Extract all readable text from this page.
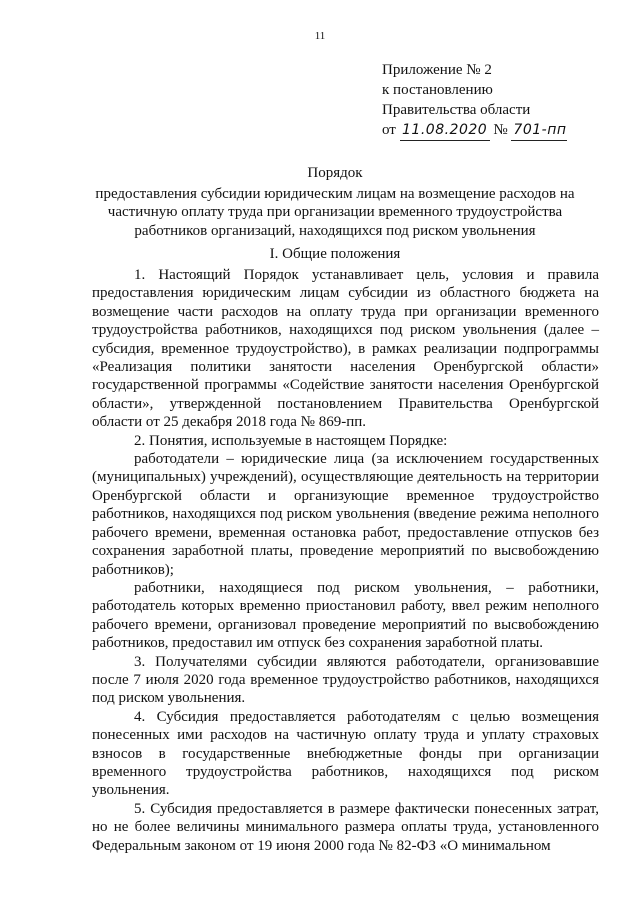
11
Приложение № 2
к постановлению
Правительства области
от 11.08.2020 № 701-пп
Порядок
предоставления субсидии юридическим лицам на возмещение расходов на
частичную оплату труда при организации временного трудоустройства
работников организаций, находящихся под риском увольнения
I. Общие положения

1. Настоящий Порядок устанавливает цель, условия и правила предоставления юридическим лицам субсидии из областного бюджета на возмещение части расходов на оплату труда при организации временного трудоустройства работников, находящихся под риском увольнения (далее – субсидия, временное трудоустройство), в рамках реализации подпрограммы «Реализация политики занятости населения Оренбургской области» государственной программы «Содействие занятости населения Оренбургской области», утвержденной постановлением Правительства Оренбургской области от 25 декабря 2018 года № 869-пп.

2. Понятия, используемые в настоящем Порядке:

работодатели – юридические лица (за исключением государственных (муниципальных) учреждений), осуществляющие деятельность на территории Оренбургской области и организующие временное трудоустройство работников, находящихся под риском увольнения (введение режима неполного рабочего времени, временная остановка работ, предоставление отпусков без сохранения заработной платы, проведение мероприятий по высвобождению работников);

работники, находящиеся под риском увольнения, – работники, работодатель которых временно приостановил работу, ввел режим неполного рабочего времени, организовал проведение мероприятий по высвобождению работников, предоставил им отпуск без сохранения заработной платы.

3. Получателями субсидии являются работодатели, организовавшие после 7 июля 2020 года временное трудоустройство работников, находящихся под риском увольнения.

4. Субсидия предоставляется работодателям с целью возмещения понесенных ими расходов на частичную оплату труда и уплату страховых взносов в государственные внебюджетные фонды при организации временного трудоустройства работников, находящихся под риском увольнения.

5. Субсидия предоставляется в размере фактически понесенных затрат, но не более величины минимального размера оплаты труда, установленного Федеральным законом от 19 июня 2000 года № 82-ФЗ «О минимальном
